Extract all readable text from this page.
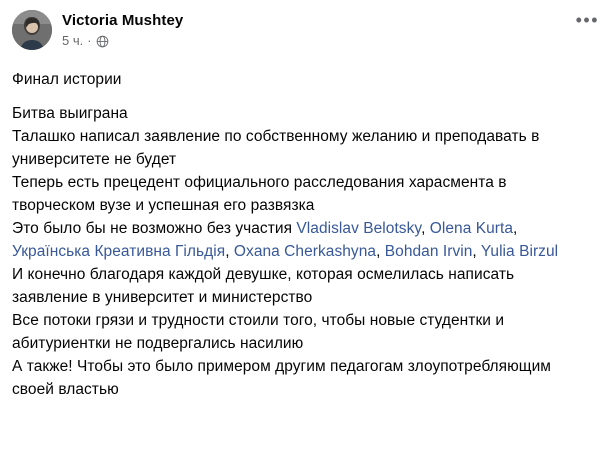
Victoria Mushtey
5 ч. ·
•••

Финал истории

Битва выиграна

Талашко написал заявление по собственному желанию и преподавать в университете не будет

Теперь есть прецедент официального расследования харасмента в творческом вузе и успешная его развязка

Это было бы не возможно без участия Vladislav Belotsky, Olena Kurta, Українська Креативна Гільдія, Oxana Cherkashyna, Bohdan Irvin, Yulia Birzul

И конечно благодаря каждой девушке, которая осмелилась написать заявление в университет и министерство

Все потоки грязи и трудности стоили того, чтобы новые студентки и абитуриентки не подвергались насилию

А также! Чтобы это было примером другим педагогам злоупотребляющим своей властью
